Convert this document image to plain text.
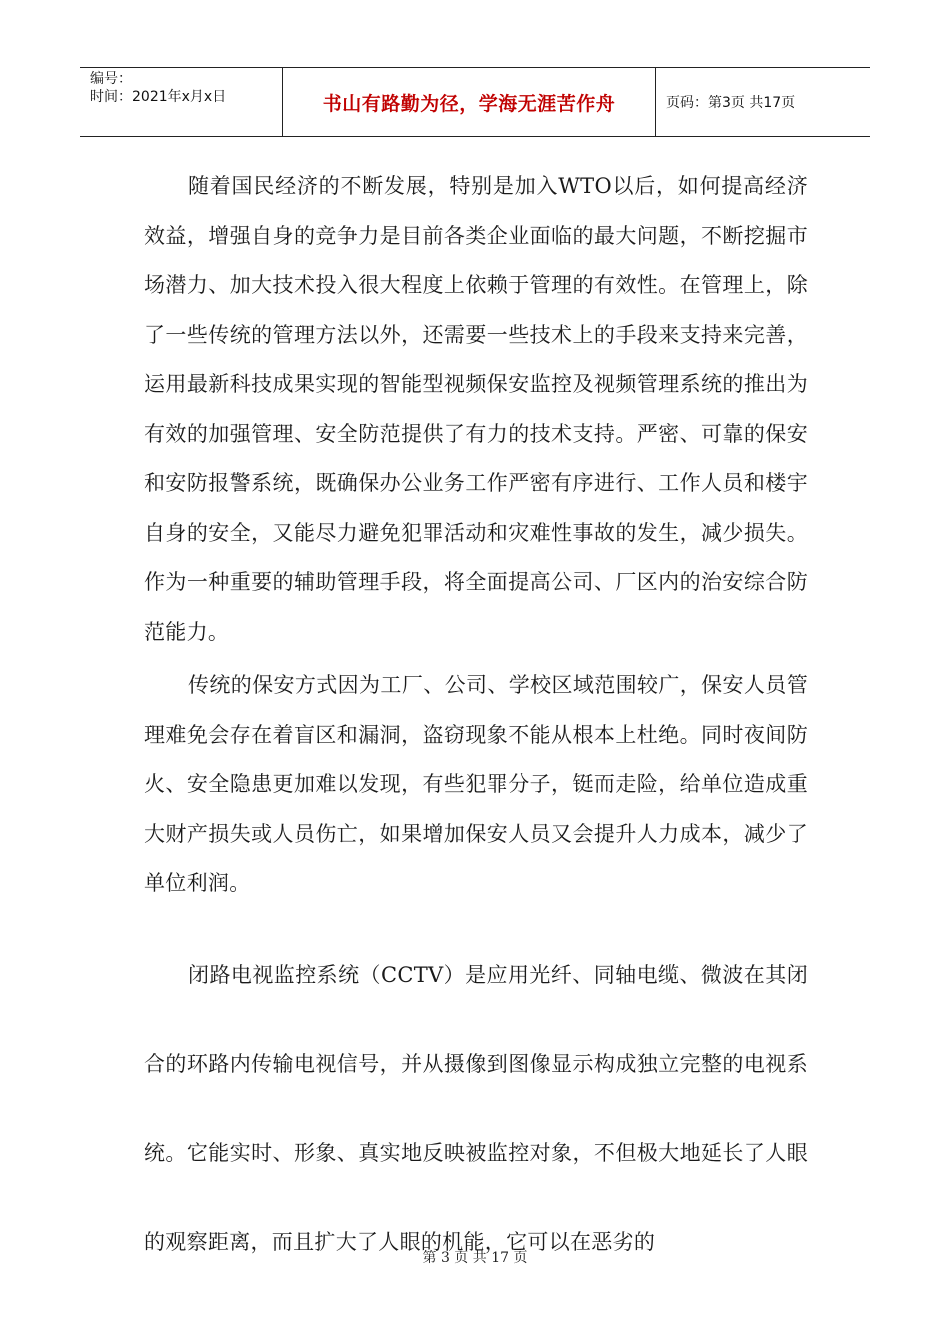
编号：
时间：2021年x月x日	书山有路勤为径，学海无涯苦作舟	页码：第3页 共17页

随着国民经济的不断发展，特别是加入WTO以后，如何提高经济效益，增强自身的竞争力是目前各类企业面临的最大问题，不断挖掘市场潜力、加大技术投入很大程度上依赖于管理的有效性。在管理上，除了一些传统的管理方法以外，还需要一些技术上的手段来支持来完善，运用最新科技成果实现的智能型视频保安监控及视频管理系统的推出为有效的加强管理、安全防范提供了有力的技术支持。严密、可靠的保安和安防报警系统，既确保办公业务工作严密有序进行、工作人员和楼宇自身的安全，又能尽力避免犯罪活动和灾难性事故的发生，减少损失。作为一种重要的辅助管理手段，将全面提高公司、厂区内的治安综合防范能力。

传统的保安方式因为工厂、公司、学校区域范围较广，保安人员管理难免会存在着盲区和漏洞，盗窃现象不能从根本上杜绝。同时夜间防火、安全隐患更加难以发现，有些犯罪分子，铤而走险，给单位造成重大财产损失或人员伤亡，如果增加保安人员又会提升人力成本，减少了单位利润。

闭路电视监控系统（CCTV）是应用光纤、同轴电缆、微波在其闭合的环路内传输电视信号，并从摄像到图像显示构成独立完整的电视系统。它能实时、形象、真实地反映被监控对象，不但极大地延长了人眼的观察距离，而且扩大了人眼的机能，它可以在恶劣的

第 3 页 共 17 页
